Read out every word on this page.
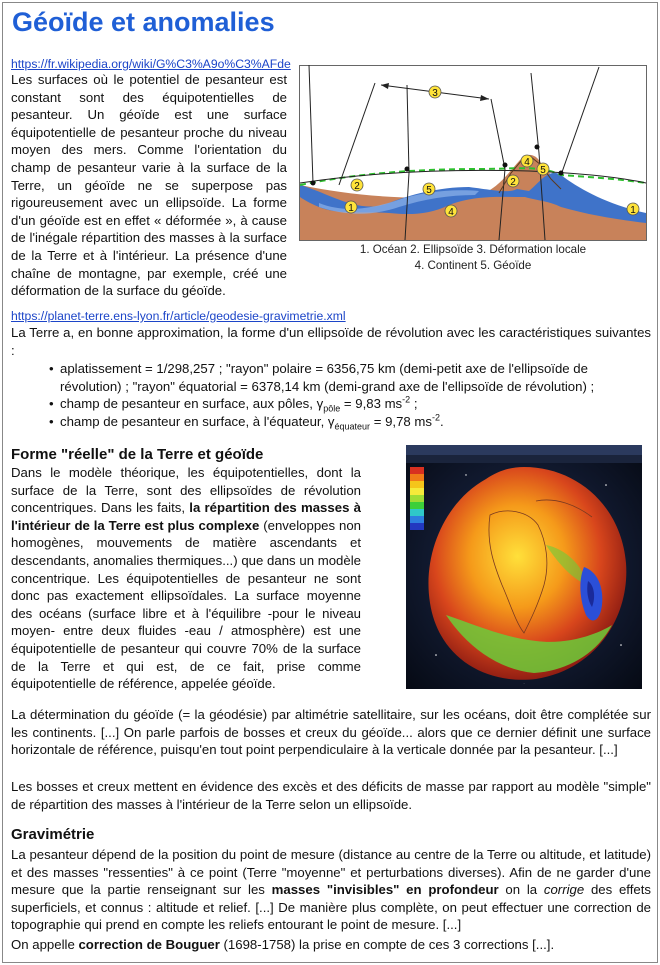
Géoïde et anomalies
https://fr.wikipedia.org/wiki/G%C3%A9o%C3%AFde
Les surfaces où le potentiel de pesanteur est constant sont des équipotentielles de pesanteur. Un géoïde est une surface équipotentielle de pesanteur proche du niveau moyen des mers. Comme l'orientation du champ de pesanteur varie à la surface de la Terre, un géoïde ne se superpose pas rigoureusement avec un ellipsoïde. La forme d'un géoïde est en effet « déformée », à cause de l'inégale répartition des masses à la surface de la Terre et à l'intérieur. La présence d'une chaîne de montagne, par exemple, créé une déformation de la surface du géoïde.
3
2	5
1	4
4
5
2
1
1. Océan 2. Ellipsoïde 3. Déformation locale
4. Continent 5. Géoïde
https://planet-terre.ens-lyon.fr/article/geodesie-gravimetrie.xml
La Terre a, en bonne approximation, la forme d'un ellipsoïde de révolution avec les caractéristiques suivantes :
• aplatissement = 1/298,257 ; "rayon" polaire = 6356,75 km (demi-petit axe de l'ellipsoïde de révolution) ; "rayon" équatorial = 6378,14 km (demi-grand axe de l'ellipsoïde de révolution) ;
• champ de pesanteur en surface, aux pôles, $\gamma_{pôle} = 9,83$ $ms^{-2}$ ;
• champ de pesanteur en surface, à l'équateur, $\gamma_{équateur} = 9,78$ $ms^{-2}$.
Forme "réelle" de la Terre et géoïde
Dans le modèle théorique, les équipotentielles, dont la surface de la Terre, sont des ellipsoïdes de révolution concentriques. Dans les faits, la répartition des masses à l'intérieur de la Terre est plus complexe (enveloppes non homogènes, mouvements de matière ascendants et descendants, anomalies thermiques...) que dans un modèle concentrique. Les équipotentielles de pesanteur ne sont donc pas exactement ellipsoïdales. La surface moyenne des océans (surface libre et à l'équilibre -pour le niveau moyen- entre deux fluides -eau / atmosphère) est une équipotentielle de pesanteur qui couvre 70% de la surface de la Terre et qui est, de ce fait, prise comme équipotentielle de référence, appelée géoïde.	·
La détermination du géoïde (= la géodésie) par altimétrie satellitaire, sur les océans, doit être complétée sur les continents. [...] On parle parfois de bosses et creux du géoïde... alors que ce dernier définit une surface horizontale de référence, puisqu'en tout point perpendiculaire à la verticale donnée par la pesanteur. [...]
Les bosses et creux mettent en évidence des excès et des déficits de masse par rapport au modèle "simple" de répartition des masses à l'intérieur de la Terre selon un ellipsoïde.
Gravimétrie
La pesanteur dépend de la position du point de mesure (distance au centre de la Terre ou altitude, et latitude) et des masses "ressenties" à ce point (Terre "moyenne" et perturbations diverses). Afin de ne garder d'une mesure que la partie renseignant sur les masses "invisibles" en profondeur on la corrige des effets superficiels, et connus : altitude et relief. [...] De manière plus complète, on peut effectuer une correction de topographie qui prend en compte les reliefs entourant le point de mesure. [...]
On appelle correction de Bouguer (1698-1758) la prise en compte de ces 3 corrections [...].
